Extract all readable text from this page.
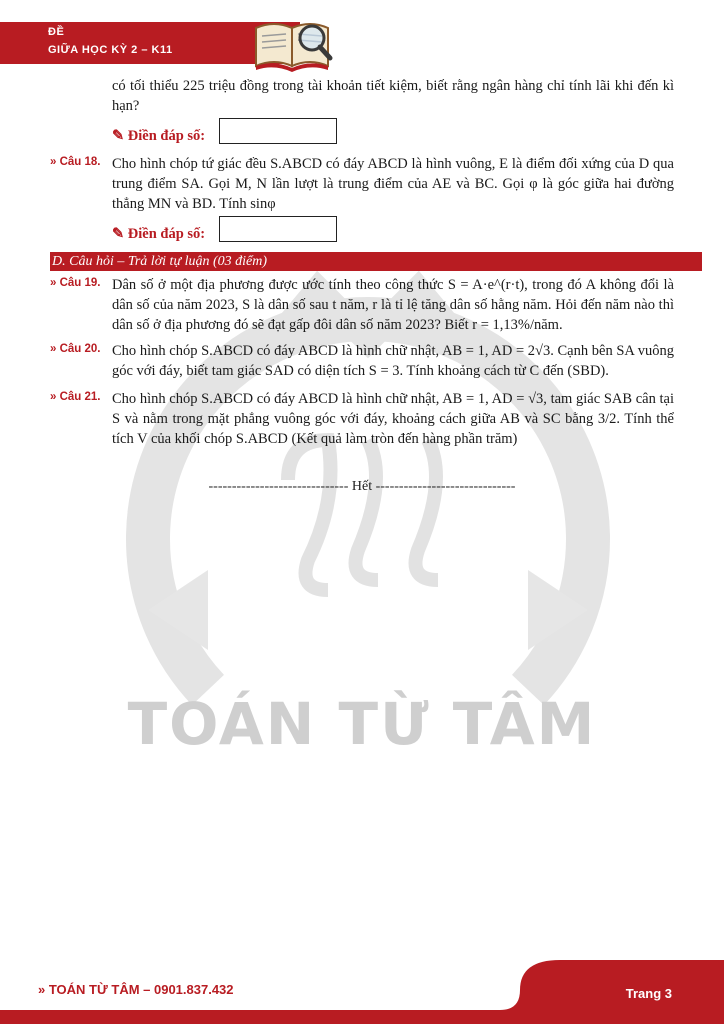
ĐỀ
GIỮA HỌC KỲ 2 – K11
TOÁN TỪ TÂM
có tối thiểu 225 triệu đồng trong tài khoản tiết kiệm, biết rằng ngân hàng chỉ tính lãi khi đến kì hạn?
✎ Điền đáp số:
» Câu 18. Cho hình chóp tứ giác đều S.ABCD có đáy ABCD là hình vuông, E là điểm đối xứng của D qua trung điểm SA. Gọi M, N lần lượt là trung điểm của AE và BC. Gọi φ là góc giữa hai đường thẳng MN và BD. Tính sinφ
✎ Điền đáp số:
D. Câu hỏi – Trả lời tự luận (03 điểm)
» Câu 19. Dân số ở một địa phương được ước tính theo công thức S = A·e^(r·t), trong đó A không đổi là dân số của năm 2023, S là dân số sau t năm, r là tỉ lệ tăng dân số hằng năm. Hỏi đến năm nào thì dân số ở địa phương đó sẽ đạt gấp đôi dân số năm 2023? Biết r = 1,13%/năm.
» Câu 20. Cho hình chóp S.ABCD có đáy ABCD là hình chữ nhật, AB = 1, AD = 2√3. Cạnh bên SA vuông góc với đáy, biết tam giác SAD có diện tích S = 3. Tính khoảng cách từ C đến (SBD).
» Câu 21. Cho hình chóp S.ABCD có đáy ABCD là hình chữ nhật, AB = 1, AD = √3, tam giác SAB cân tại S và nằm trong mặt phẳng vuông góc với đáy, khoảng cách giữa AB và SC bằng 3/2. Tính thể tích V của khối chóp S.ABCD (Kết quả làm tròn đến hàng phần trăm)
------------------------------ Hết ------------------------------
» TOÁN TỪ TÂM – 0901.837.432	Trang 3
